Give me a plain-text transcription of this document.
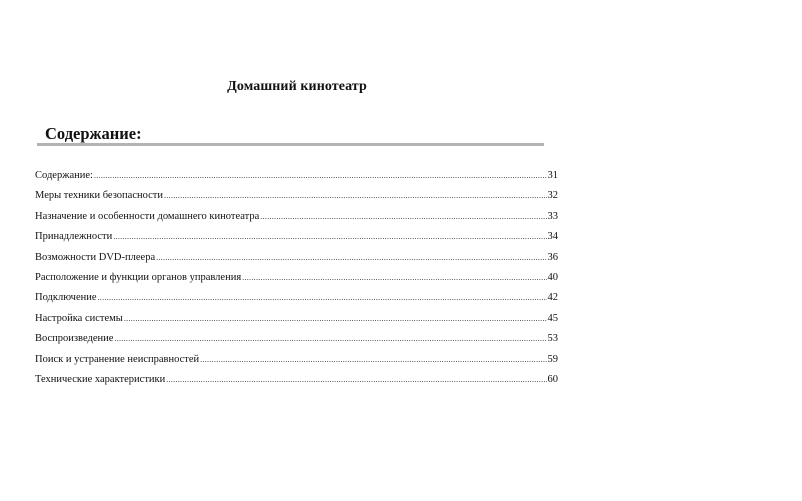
Домашний кинотеатр
Содержание:
Содержание: .....	31
Меры техники безопасности .....	32
Назначение и особенности домашнего кинотеатра .....	33
Принадлежности .....	34
Возможности DVD-плеера .....	36
Расположение и функции органов управления .....	40
Подключение .....	42
Настройка системы .....	45
Воспроизведение .....	53
Поиск и устранение неисправностей .....	59
Технические характеристики .....	60
